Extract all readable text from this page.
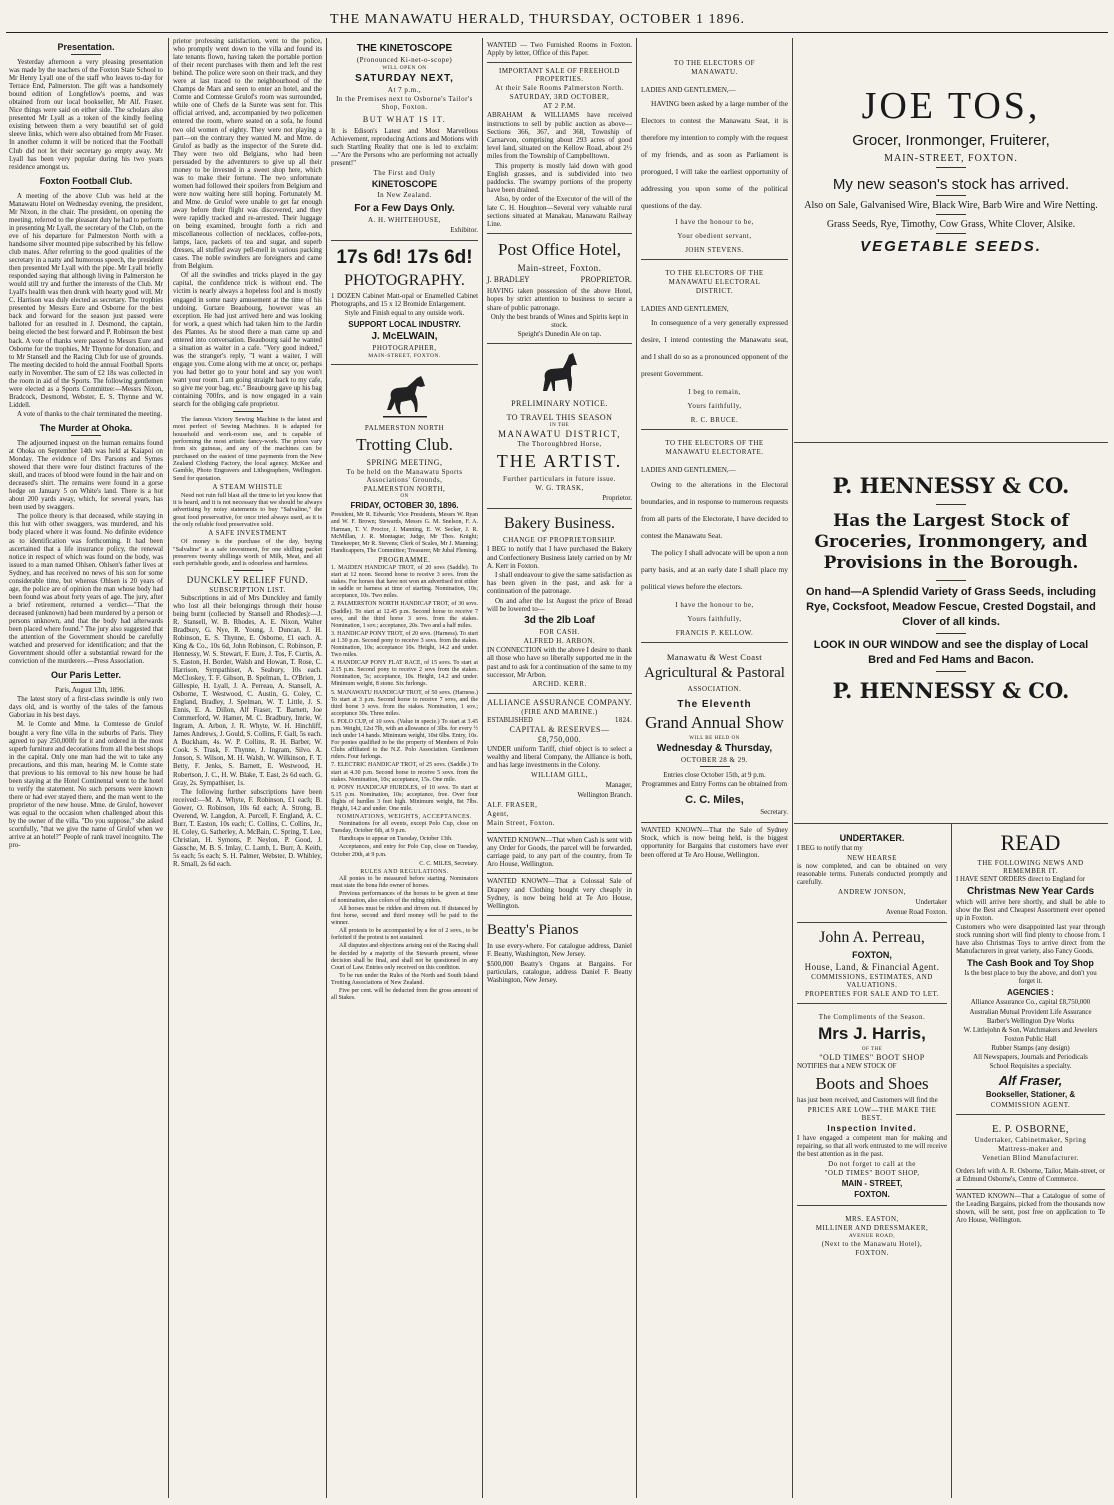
THE MANAWATU HERALD, THURSDAY, OCTOBER 1 1896.
Presentation.

Yesterday afternoon a very pleasing presentation was made by the teachers of the Foxton State School to Mr Henry Lyall one of the staff who leaves to-day for Terrace End, Palmerston. The gift was a handsomely bound edition of Longfellow's poems, and was obtained from our local bookseller, Mr Alf. Fraser. Nice things were said on either side. The scholars also presented Mr Lyall as a token of the kindly feeling existing between them a very beautiful set of gold sleeve links, which were also obtained from Mr Fraser. In another column it will be noticed that the Football Club did not let their secretary go empty away. Mr Lyall has been very popular during his two years residence amongst us.

Foxton Football Club.

A meeting of the above Club was held at the Manawatu Hotel on Wednesday evening, the president, Mr Nixon, in the chair. The president, on opening the meeting, referred to the pleasant duty he had to perform in presenting Mr Lyall, the secretary of the Club, on the eve of his departure for Palmerston North with a handsome silver mounted pipe subscribed by his fellow club mates. After referring to the good qualities of the secretary in a natty and humorous speech, the president then presented Mr Lyall with the pipe. Mr Lyall briefly responded saying that although living in Palmerston he would still try and further the interests of the Club. Mr Lyall's health was then drunk with hearty good will. Mr C. Harrison was duly elected as secretary. The trophies presented by Messrs Eure and Osborne for the best back and forward for the season just passed were balloted for an resulted in J. Desmond, the captain, being elected the best forward and P. Robinson the best back. A vote of thanks were passed to Messrs Eure and Osborne for the trophies, Mr Thynne for donation, and to Mr Stansell and the Racing Club for use of grounds. The meeting decided to hold the annual Football Sports early in November. The sum of £2 18s was collected in the room in aid of the Sports. The following gentlemen were elected as a Sports Committee:—Messrs Nixon, Bradcock, Desmond, Webster, E. S. Thynne and W. Liddell.

A vote of thanks to the chair terminated the meeting.

The Murder at Ohoka.

The adjourned inquest on the human remains found at Ohoka on September 14th was held at Kaiapoi on Monday. The evidence of Drs Parsons and Symes showed that there were four distinct fractures of the skull, and traces of blood were found in the hair and on deceased's shirt. The remains were found in a gorse hedge on January 5 on White's land. There is a hut about 200 yards away, which, for several years, has been used by swaggers.

The police theory is that deceased, while staying in this hut with other swaggers, was murdered, and his body placed where it was found. No definite evidence as to identification was forthcoming. It had been ascertained that a life insurance policy, the renewal notice in respect of which was found on the body, was issued to a man named Ohlsen. Ohlsen's father lives at Sydney, and has received no news of his son for some considerable time, but whereas Ohlsen is 20 years of age, the police are of opinion the man whose body had been found was about forty years of age. The jury, after a brief retirement, returned a verdict—"That the deceased (unknown) had been murdered by a person or persons unknown, and that the body had afterwards been placed where found." The jury also suggested that the attention of the Government should be carefully watched and preserved for identification; and that the Government should offer a substantial reward for the conviction of the murderers.—Press Association.

Our Paris Letter.

Paris, August 13th, 1896.

The latest story of a first-class swindle is only two days old, and is worthy of the tales of the famous Gaboriau in his best days.

M. le Comte and Mme. la Comtesse de Grulof bought a very fine villa in the suburbs of Paris. They agreed to pay 250,000fr for it and ordered in the most superb furniture and decorations from all the best shops in the capital. Only one man had the wit to take any precautions, and this man, hearing M. le Comte state that previous to his removal to his new house he had been staying at the Hotel Continental went to the hotel to verify the statement. No such persons were known there or had ever stayed there, and the man went to the proprietor of the new house. Mme. de Grulof, however was equal to the occasion when challenged about this by the owner of the villa. "Do you suppose," she asked scornfully, "that we give the name of Grulof when we arrive at an hotel?" People of rank travel incognito. The pro-

prietor professing satisfaction, went to the police, who promptly went down to the villa and found its late tenants flown, having taken the portable portion of their recent purchases with them and left the rest behind. The police were soon on their track, and they were at last traced to the neighbourhood of the Champs de Mars and seen to enter an hotel, and the Comte and Comtesse Grulof's room was surrounded, while one of Chefs de la Surete was sent for. This official arrived, and, accompanied by two policemen entered the room, where seated on a sofa, he found two old women of eighty. They were not playing a part—on the contrary they wanted M. and Mme. de Grulof as badly as the inspector of the Surete did. They were two old Belgians, who had been persuaded by the adventurers to give up all their money to be invested in a sweet shop here, which was to make their fortune. The two unfortunate women had followed their spoilers from Belgium and were now waiting here still hoping. Fortunately M. and Mme. de Grulof were unable to get far enough away before their flight was discovered, and they were rapidly tracked and re-arrested. Their luggage on being examined, brought forth a rich and miscellaneous collection of necklaces, coffee-pots, lamps, lace, packets of tea and sugar, and superb dresses, all stuffed away pell-mell in various packing cases. The noble swindlers are foreigners and came from Belgium.

Of all the swindles and tricks played in the gay capital, the confidence trick is without end. The victim is nearly always a hopeless fool and is mostly engaged in some nasty amusement at the time of his undoing. Gurtare Beaubourg, however was an exception. He had just arrived here and was looking for work, a quest which had taken him to the Jardin des Plantes. As he stood there a man came up and entered into conversation. Beaubourg said he wanted a situation as waiter in a cafe. "Very good indeed," was the stranger's reply, "I want a waiter, I will engage you. Come along with me at once; or, perhaps you had better go to your hotel and say you won't want your room. I am going straight back to my cafe, so give me your bag, etc." Beaubourg gave up his bag containing 700frs, and is now engaged in a vain search for the obliging cafe proprietor.

The famous Victory Sewing Machine is the latest and most perfect of Sewing Machines. It is adapted for household and work-room use, and is capable of performing the most artistic fancy-work. The prices vary from six guineas, and any of the machines can be purchased on the easiest of time payments from the New Zealand Clothing Factory, the local agency. McKee and Gamble, Photo Engravers and Lithographers, Wellington. Send for quotation.

A STEAM WHISTLE

Need not ruin full blast all the time to let you know that it is heard, and it is not necessary that we should be always advertising by noisy statements to buy "Salvaline," the great food preservative, for once tried always used, as it is the only reliable food preservative sold.

A SAFE INVESTMENT

Of money is the purchase of the day, buying "Salvaline" is a safe investment, for one shilling packet preserves twenty shillings worth of Milk, Meat, and all such perishable goods, and is odourless and harmless.

DUNCKLEY RELIEF FUND.
SUBSCRIPTION LIST.

Subscriptions in aid of Mrs Dunckley and family who lost all their belongings through their house being burnt (collected by Stansell and Rhodes):—J. R. Stansell, W. B. Rhodes, A. E. Nixon, Walter Bradbury, G. Nye, R. Young, J. Duncan, J. H. Robinson, E. S. Thynne, E. Osborne, £1 each. A. King & Co., 10s 6d, John Robinson, C. Robinson, P. Hennessy, W. S. Stewart, F. Eure, J. Tos, F. Curtis, A. S. Easton, H. Border, Walsh and Howan, T. Rose, C. Harrison, Sympathiser, A. Seabury, 10s each. McCloskey, T. F. Gibson, B. Spelman, L. O'Brien, J. Gillespie, H. Lyall, J. A. Perreau, A. Stansell, A. Osborne, T. Westwood, C. Austin, G. Coley, C. England, Bradley, J. Spelman, W. T. Little, J. S. Ennis, E. A. Dillon, Alf Fraser, T. Barnett, Joe Commerford, W. Hamer, M. C. Bradbury, Imrie, W. Ingram, A. Arbon, J. R. Whyte, W. H. Hinchliff, James Andrews, J. Gould, S. Collins, F. Gall, 5s each. A Buckham, 4s. W. P. Collins, R. H. Barber, W. Cook. S. Trask, F. Thynne, J. Ingram, Silvo. A. Jonson, S. Wilson, M. H. Walsh, W. Wilkinson, F. T. Betty, F. Jenks, S. Barnett, E. Westwood, H. Robertson, J. C., H. W. Blake, T. East, 2s 6d each. G. Gray, 2s. Sympathiser, 1s.

The following further subscriptions have been received:—M. A. Whyte, F. Robinson, £1 each; B. Gower, O. Robinson, 10s 6d each; A. Strong, B. Overend, W. Langdon, A. Purcell, F. England, A. C. Burr, T. Easton, 10s each; C. Collins, C. Collins, Jr., H. Coley, G. Satherley, A. McBain, C. Spring, T. Lee, Christian, H. Symons, P. Neylon, P. Good, J. Gassche, M. B. S. Imlay, C. Lamb, L. Burr, A. Keith, 5s each; 5s each; S. H. Palmer, Webster, D. Whibley, R. Small, 2s 6d each.

THE KINETOSCOPE
(Pronounced Ki-net-o-scope)
WILL OPEN ON
SATURDAY NEXT,
At 7 p.m.,
In the Premises next to Osborne's Tailor's Shop, Foxton.
BUT WHAT IS IT.

It is Edison's Latest and Most Marvellous Achievement, reproducing Actions and Motions with such Startling Reality that one is led to exclaim:—"Are the Persons who are performing not actually present!"

The First and Only
KINETOSCOPE
In New Zealand.
For a Few Days Only.
A. H. WHITEHOUSE,
Exhibitor.
17s 6d! 17s 6d!
PHOTOGRAPHY.

1 DOZEN Cabinet Matt-opal or Enamelled Cabinet Photographs, and 15 x 12 Bromide Enlargement.

Style and Finish equal to any outside work.

SUPPORT LOCAL INDUSTRY.
J. McELWAIN,
PHOTOGRAPHER,
MAIN-STREET, FOXTON.
PALMERSTON NORTH
Trotting Club.
SPRING MEETING,
To be held on the Manawatu Sports Associations' Grounds,
PALMERSTON NORTH,
ON
FRIDAY, OCTOBER 30, 1896.

President, Mr R. Edwards; Vice Presidents, Messrs W. Ryan and W. F. Brown; Stewards, Messrs G. M. Snelson, F. A. Harman, T. V. Proctor, J. Manning, E. W. Secker, J. R. McMillan, J. R. Montague; Judge, Mr Thos. Knight; Timekeeper, Mr R. Stevens; Clerk of Scales, Mr J. Manning; Handicappers, The Committee; Treasurer, Mr Jubal Fleming.

PROGRAMME.

1. MAIDEN HANDICAP TROT, of 20 sovs (Saddle). To start at 12 noon. Second horse to receive 3 sovs. from the stakes. For horses that have not won an advertised trot either in saddle or harness at time of starting. Nomination, 10s; acceptance, 10s. Two miles.

2. PALMERSTON NORTH HANDICAP TROT, of 30 sovs. (Saddle). To start at 12.45 p.m. Second horse to receive 7 sovs, and the third horse 3 sovs. from the stakes. Nomination, 1 sov.; acceptance, 20s. Two and a half miles.

3. HANDICAP PONY TROT, of 20 sovs. (Harness). To start at 1.30 p.m. Second pony to receive 3 sovs. from the stakes. Nomination, 10s; acceptance 10s. Height, 14.2 and under. Two miles.

4. HANDICAP PONY FLAT RACE, of 15 sovs. To start at 2.15 p.m. Second pony to receive 2 sovs from the stakes. Nomination, 5s; acceptance, 10s. Height, 14.2 and under. Minimum weight, 8 stone. Six furlongs.

5. MANAWATU HANDICAP TROT, of 50 sovs. (Harness.) To start at 3 p.m. Second horse to receive 7 sovs, and the third horse 3 sovs. from the stakes. Nomination, 1 sov.; acceptance 30s. Three miles.

6. POLO CUP, of 10 sovs. (Value in specie.) To start at 3.45 p.m. Weight, 12st 7lb, with an allowance of 3lbs. for every ½ inch under 14 hands. Minimum weight, 10st 6lbs. Entry, 10s. For ponies qualified to be the property of Members of Polo Clubs affiliated to the N.Z. Polo Association. Gentlemen riders. Four furlongs.

7. ELECTRIC HANDICAP TROT, of 25 sovs. (Saddle.) To start at 4.30 p.m. Second horse to receive 5 sovs. from the stakes. Nomination, 10s; acceptance, 15s. One mile.

8. PONY HANDICAP HURDLES, of 10 sovs. To start at 5.15 p.m. Nomination, 10s; acceptance, free. Over four flights of hurdles 3 feet high. Minimum weight, 8st 7lbs. Height, 14.2 and under. One mile.

NOMINATIONS, WEIGHTS, ACCEPTANCES.

Nominations for all events, except Polo Cup, close on Tuesday, October 6th, at 9 p.m.

Handicaps to appear on Tuesday, October 13th.

Acceptances, and entry for Polo Cup, close on Tuesday, October 20th, at 9 p.m.

C. C. MILES, Secretary.
RULES AND REGULATIONS.

All ponies to be measured before starting. Nominators must state the bona fide owner of horses.

Previous performances of the horses to be given at time of nomination, also colors of the riding riders.

All horses must be ridden and driven out. If distanced by first horse, second and third money will be paid to the winner.

All protests to be accompanied by a fee of 2 sovs., to be forfeited if the protest is not sustained.

All disputes and objections arising out of the Racing shall be decided by a majority of the Stewards present, whose decision shall be final, and shall not be questioned in any Court of Law. Entries only received on this condition.

To be run under the Rules of the North and South Island Trotting Associations of New Zealand.

Five per cent. will be deducted from the gross amount of all Stakes.

WANTED — Two Furnished Rooms in Foxton. Apply by letter, Office of this Paper.

IMPORTANT SALE OF FREEHOLD PROPERTIES.
At their Sale Rooms Palmerston North.
SATURDAY, 3RD OCTOBER,
AT 2 P.M.

ABRAHAM & WILLIAMS have received instructions to sell by public auction as above—Sections 366, 367, and 368, Township of Carnarvon, comprising about 293 acres of good level land, situated on the Kellow Road, about 2½ miles from the Township of Campbelltown.

This property is mostly laid down with good English grasses, and is subdivided into two paddocks. The swampy portions of the property have been drained.

Also, by order of the Executor of the will of the late C. H. Houghton—Several very valuable rural sections situated at Manakau, Manawatu Railway Line.

Post Office Hotel,
Main-street, Foxton.
J. BRADLEY	PROPRIETOR.

HAVING taken possession of the above Hotel, hopes by strict attention to business to secure a share of public patronage.

Only the best brands of Wines and Spirits kept in stock.

Speight's Dunedin Ale on tap.

PRELIMINARY NOTICE.
TO TRAVEL THIS SEASON
IN THE
MANAWATU DISTRICT,
The Thoroughbred Horse,
THE ARTIST.
Further particulars in future issue.
W. G. TRASK,
Proprietor.
Bakery Business.
CHANGE OF PROPRIETORSHIP.

I BEG to notify that I have purchased the Bakery and Confectionery Business lately carried on by Mr A. Kerr in Foxton.

I shall endeavour to give the same satisfaction as has been given in the past, and ask for a continuation of the patronage.

On and after the 1st August the price of Bread will be lowered to—

3d the 2lb Loaf
FOR CASH.
ALFRED H. ARBON.

IN CONNECTION with the above I desire to thank all those who have so liberally supported me in the past and to ask for a continuation of the same to my successor, Mr Arbon.

ARCHD. KERR.
ALLIANCE ASSURANCE COMPANY.
(FIRE AND MARINE.)
ESTABLISHED	1824.
CAPITAL & RESERVES—
£8,750,000.

UNDER uniform Tariff, chief object is to select a wealthy and liberal Company, the Alliance is both, and has large investments in the Colony.

WILLIAM GILL,
Manager,
Wellington Branch.
ALF. FRASER,
Agent,
Main Street, Foxton.

WANTED KNOWN—That when Cash is sent with any Order for Goods, the parcel will be forwarded, carriage paid, to any part of the country, from Te Aro House, Wellington.

WANTED KNOWN—That a Colossal Sale of Drapery and Clothing bought very cheaply in Sydney, is now being held at Te Aro House, Wellington.

Beatty's Pianos

In use every-where. For catalogue address, Daniel F. Beatty, Washington, New Jersey.

$500,000 Beatty's Organs at Bargains. For particulars, catalogue, address Daniel F. Beatty Washington, New Jersey.

TO THE ELECTORS OF
MANAWATU.

LADIES AND GENTLEMEN,—

HAVING been asked by a large number of the Electors to contest the Manawatu Seat, it is therefore my intention to comply with the request of my friends, and as soon as Parliament is prorogued, I will take the earliest opportunity of addressing you upon some of the political questions of the day.

I have the honour to be,
Your obedient servant,
JOHN STEVENS.
TO THE ELECTORS OF THE
MANAWATU ELECTORAL
DISTRICT.

LADIES AND GENTLEMEN,

In consequence of a very generally expressed desire, I intend contesting the Manawatu seat, and I shall do so as a pronounced opponent of the present Government.

I beg to remain,
Yours faithfully,
R. C. BRUCE.
TO THE ELECTORS OF THE
MANAWATU ELECTORATE.

LADIES AND GENTLEMEN,—

Owing to the alterations in the Electoral boundaries, and in response to numerous requests from all parts of the Electorate, I have decided to contest the Manawatu Seat.

The policy I shall advocate will be upon a non party basis, and at an early date I shall place my political views before the electors.

I have the honour to be,
Yours faithfully,
FRANCIS P. KELLOW.
Manawatu & West Coast
Agricultural & Pastoral
ASSOCIATION.
The Eleventh
Grand Annual Show
WILL BE HELD ON
Wednesday & Thursday,
OCTOBER 28 & 29.

Entries close October 15th, at 9 p.m.

Programmes and Entry Forms can be obtained from

C. C. Miles,
Secretary.

WANTED KNOWN—That the Sale of Sydney Stock, which is now being held, is the biggest opportunity for Bargains that customers have ever been offered at Te Aro House, Wellington.

JOE TOS,
Grocer, Ironmonger, Fruiterer,
MAIN-STREET, FOXTON.
My new season's stock has arrived.
Also on Sale, Galvanised Wire, Black Wire, Barb Wire and Wire Netting.
Grass Seeds, Rye, Timothy, Cow Grass, White Clover, Alsike.
VEGETABLE SEEDS.
P. HENNESSY & CO.
Has the Largest Stock of Groceries, Ironmongery, and Provisions in the Borough.
On hand—A Splendid Variety of Grass Seeds, including Rye, Cocksfoot, Meadow Fescue, Crested Dogstail, and Clover of all kinds.
LOOK IN OUR WINDOW and see the display of Local Bred and Fed Hams and Bacon.
P. HENNESSY & CO.
UNDERTAKER.

I BEG to notify that my

NEW HEARSE

is now completed, and can be obtained on very reasonable terms. Funerals conducted promptly and carefully.

ANDREW JONSON,
Undertaker
Avenue Road Foxton.
John A. Perreau,
FOXTON,
House, Land, & Financial Agent.
COMMISSIONS, ESTIMATES, AND VALUATIONS.
PROPERTIES FOR SALE AND TO LET.
The Compliments of the Season.
Mrs J. Harris,
OF THE
"OLD TIMES" BOOT SHOP

NOTIFIES that a NEW STOCK OF

Boots and Shoes

has just been received, and Customers will find the

PRICES ARE LOW—THE MAKE THE BEST.
Inspection Invited.

I have engaged a competent man for making and repairing, so that all work entrusted to me will receive the best attention as in the past.

Do not forget to call at the
"OLD TIMES" BOOT SHOP,
MAIN - STREET,
FOXTON.
MRS. EASTON,
MILLINER AND DRESSMAKER,
AVENUE ROAD,
(Next to the Manawatu Hotel),
FOXTON.
READ
THE FOLLOWING NEWS AND REMEMBER IT.

I HAVE SENT ORDERS direct to England for

Christmas New Year Cards

which will arrive here shortly, and shall be able to show the Best and Cheapest Assortment ever opened up in Foxton.

Customers who were disappointed last year through stock running short will find plenty to choose from. I have also Christmas Toys to arrive direct from the Manufacturers in great variety, also Fancy Goods.

The Cash Book and Toy Shop

Is the best place to buy the above, and don't you forget it.

AGENCIES :

Alliance Assurance Co., capital £8,750,000

Australian Mutual Provident Life Assurance

Barber's Wellington Dye Works

W. Littlejohn & Son, Watchmakers and Jewelers

Foxton Public Hall

Rubber Stamps (any design)

All Newspapers, Journals and Periodicals

School Requisites a specialty.

Alf Fraser,
Bookseller, Stationer, &
COMMISSION AGENT.
E. P. OSBORNE,
Undertaker, Cabinetmaker, Spring
Mattress-maker and
Venetian Blind Manufacturer.

Orders left with A. R. Osborne, Tailor, Main-street, or at Edmund Osborne's, Centre of Commerce.

WANTED KNOWN—That a Catalogue of some of the Leading Bargains, picked from the thousands now shown, will be sent, post free on application to Te Aro House, Wellington.
